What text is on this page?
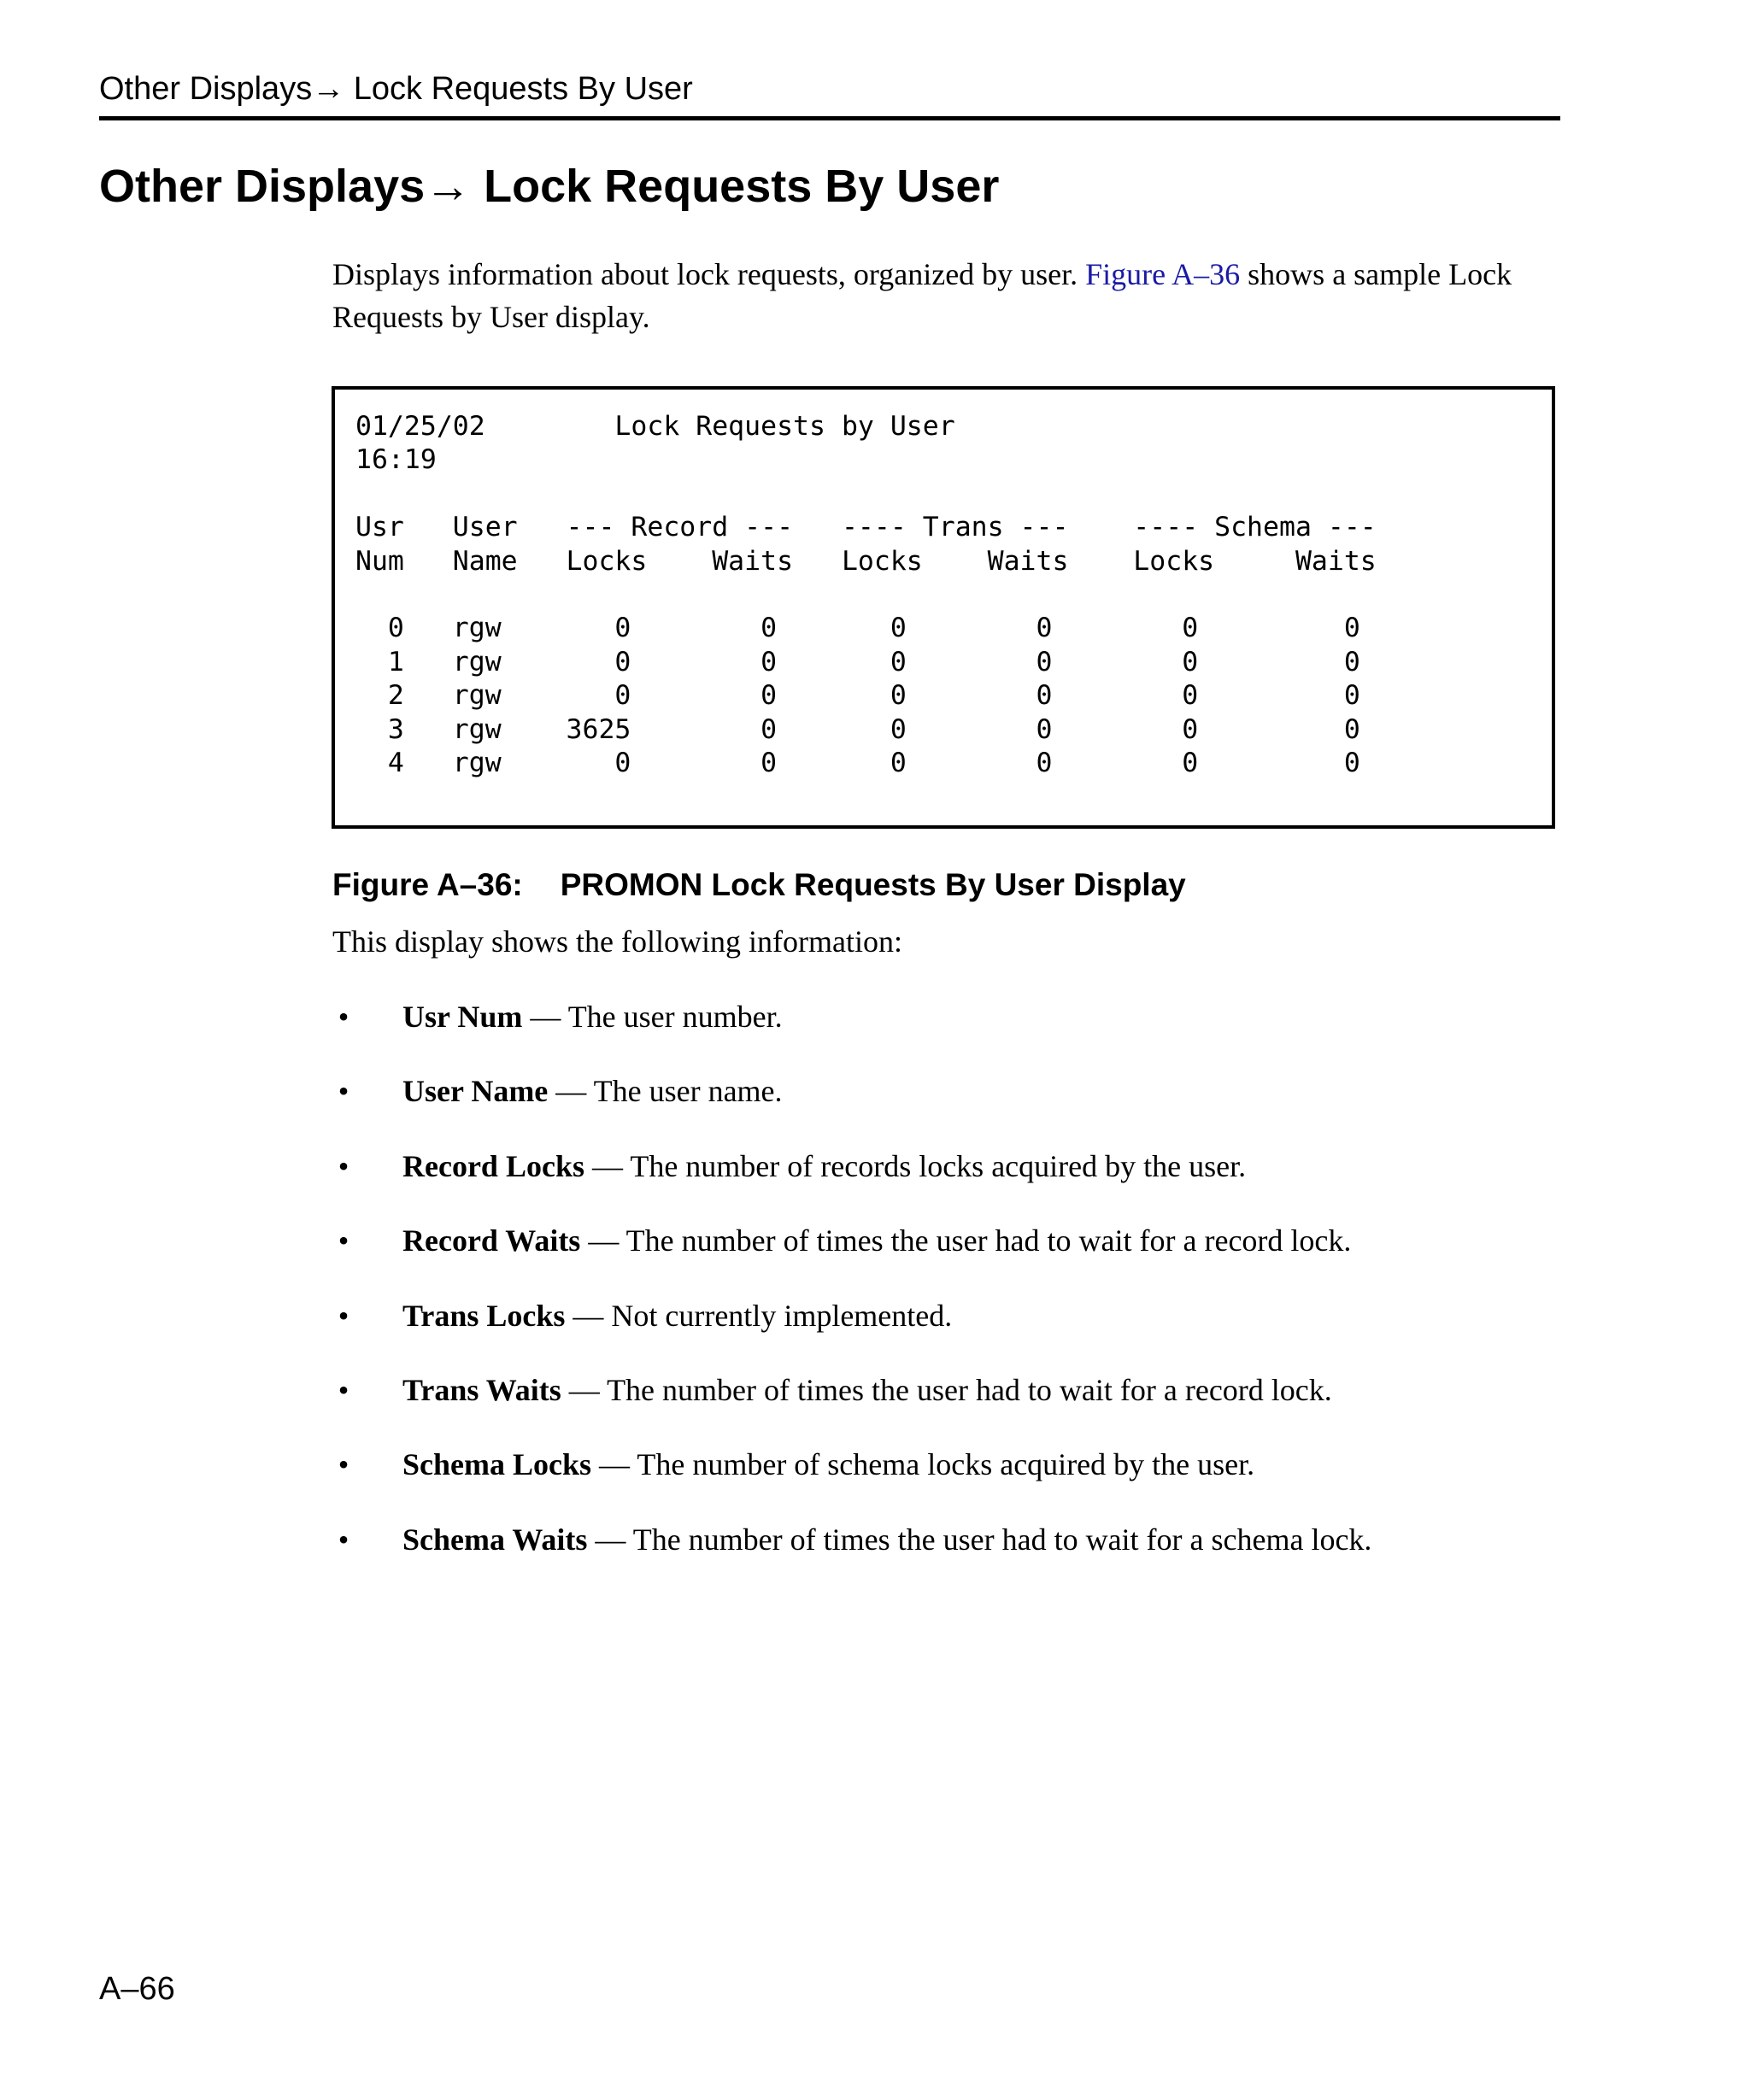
Other Displays→ Lock Requests By User
Other Displays→ Lock Requests By User

Displays information about lock requests, organized by user. Figure A–36 shows a sample Lock Requests by User display.

01/25/02        Lock Requests by User
16:19

Usr   User   --- Record ---   ---- Trans ---    ---- Schema ---
Num   Name   Locks    Waits   Locks    Waits    Locks     Waits

0   rgw       0        0       0        0        0         0
1   rgw       0        0       0        0        0         0
2   rgw       0        0       0        0        0         0
3   rgw    3625        0       0        0        0         0
4   rgw       0        0       0        0        0         0

Figure A–36: PROMON Lock Requests By User Display

This display shows the following information:

• Usr Num — The user number.
• User Name — The user name.
• Record Locks — The number of records locks acquired by the user.
• Record Waits — The number of times the user had to wait for a record lock.
• Trans Locks — Not currently implemented.
• Trans Waits — The number of times the user had to wait for a record lock.
• Schema Locks — The number of schema locks acquired by the user.
• Schema Waits — The number of times the user had to wait for a schema lock.
A–66
